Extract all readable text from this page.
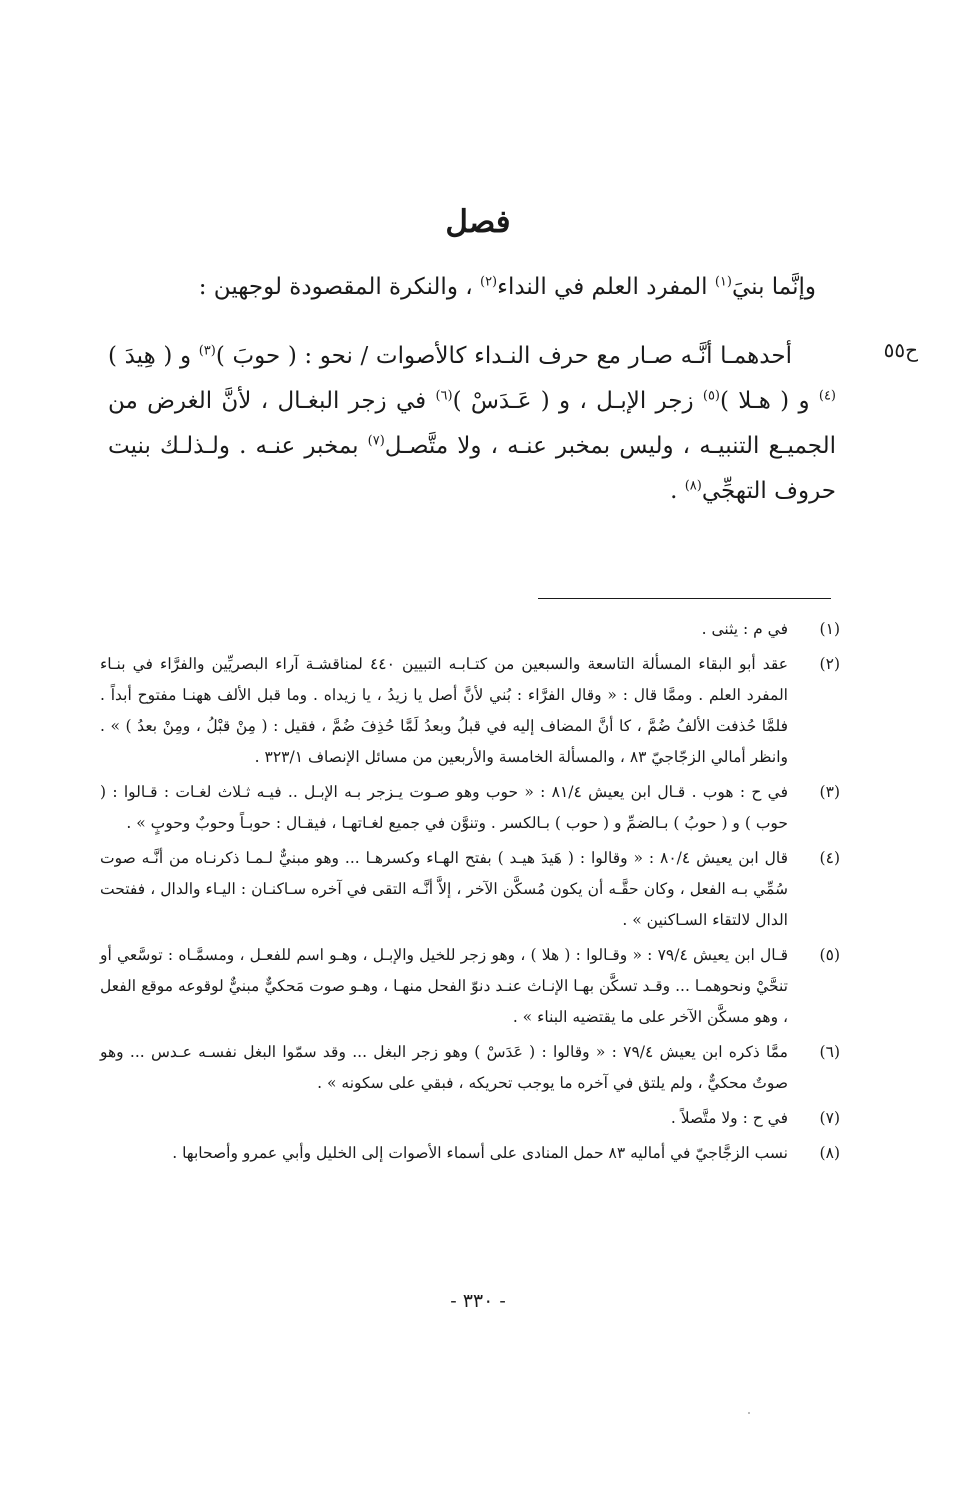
فصل
وإنَّما بنيَ$^{(١)}$ المفرد العلم في النداء$^{(٢)}$ ، والنكرة المقصودة لوجهين :
ح٥٥

أحدهمـا أنَّـه صـار مع حرف النـداء كالأصوات / نحو : ( حوبَ )$^{(٣)}$ و ( هِيدَ )$^{(٤)}$ و ( هـلا )$^{(٥)}$ زجر الإبـل ، و ( عَـدَسْ )$^{(٦)}$ في زجر البغـال ، لأنَّ الغرض من الجميـع التنبيـه ، وليس بمخبر عنـه ، ولا متَّصـل$^{(٧)}$ بمخبر عنـه . ولـذلـك بنيت حروف التهجِّي$^{(٨)}$ .

(١)
في م : يثنى .
(٢)
عقد أبو البقاء المسألة التاسعة والسبعين من كتـابـه التبيين ٤٤٠ لمناقشـة آراء البصريِّين والفرَّاء في بنـاء المفرد العلم . وممَّا قال : « وقال الفرَّاء : بُني لأنَّ أصل يا زيدُ ، يا زيداه . وما قبل الألف ههنـا مفتوح أبداً . فلمَّا حُذفت الألفُ ضُمَّ ، كا أنَّ المضاف إليه في قبلُ وبعدُ لَمَّا حُذِفَ ضُمَّ ، فقيل : ( مِنْ قبْلُ ، ومِنْ بعدُ ) » . وانظر أمالي الزجّاجيّ ٨٣ ، والمسألة الخامسة والأربعين من مسائل الإنصاف ٣٢٣/١ .
(٣)
في ح : هوب . قـال ابن يعيش ٨١/٤ : « حوب وهو صـوت يـزجر بـه الإبـل .. فيـه ثـلاث لغـات : قـالوا : ( حوب ) و ( حوبُ ) بـالضمِّ و ( حوب ) بـالكسر . وتنوَّن في جميع لغـاتهـا ، فيقـال : حوبـاً وحوبٌ وحوبٍ » .
(٤)
قال ابن يعيش ٨٠/٤ : « وقالوا : ( هَيدَ هيـد ) بفتح الهـاء وكسرهـا ... وهو مبنيٌّ لـمـا ذكرنـاه من أنَّـه صوت سُمِّي بـه الفعل ، وكان حقَّـه أن يكون مُسكَّن الآخر ، إلاَّ أنَّـه التقى في آخره سـاكنـان : اليـاء والدال ، ففتحت الدال لالتقاء السـاكنين » .
(٥)
قـال ابن يعيش ٧٩/٤ : « وقـالوا : ( هلا ) ، وهو زجر للخيل والإبـل ، وهـو اسم للفعـل ، ومسمَّـاه : توسَّعي أو تنحَّيْ ونحوهمـا ... وقـد تسكَّن بهـا الإنـاث عنـد دنوّ الفحل منهـا ، وهـو صوت مَحكيٌّ مبنيٌّ لوقوعه موقع الفعل ، وهو مسكَّن الآخر على ما يقتضيه البناء » .
(٦)
ممَّا ذكره ابن يعيش ٧٩/٤ : « وقالوا : ( عَدَسْ ) وهو زجر البغل ... وقد سمّوا البغل نفسـه عـدس ... وهو صوتٌ محكيٌّ ، ولم يلتق في آخره ما يوجب تحريكه ، فبقي على سكونه » .
(٧)
في ح : ولا متَّصلاً .
(٨)
نسب الزجَّاجيّ في أماليه ٨٣ حمل المنادى على أسماء الأصوات إلى الخليل وأبي عمرو وأصحابها .
- ٣٣٠ -
